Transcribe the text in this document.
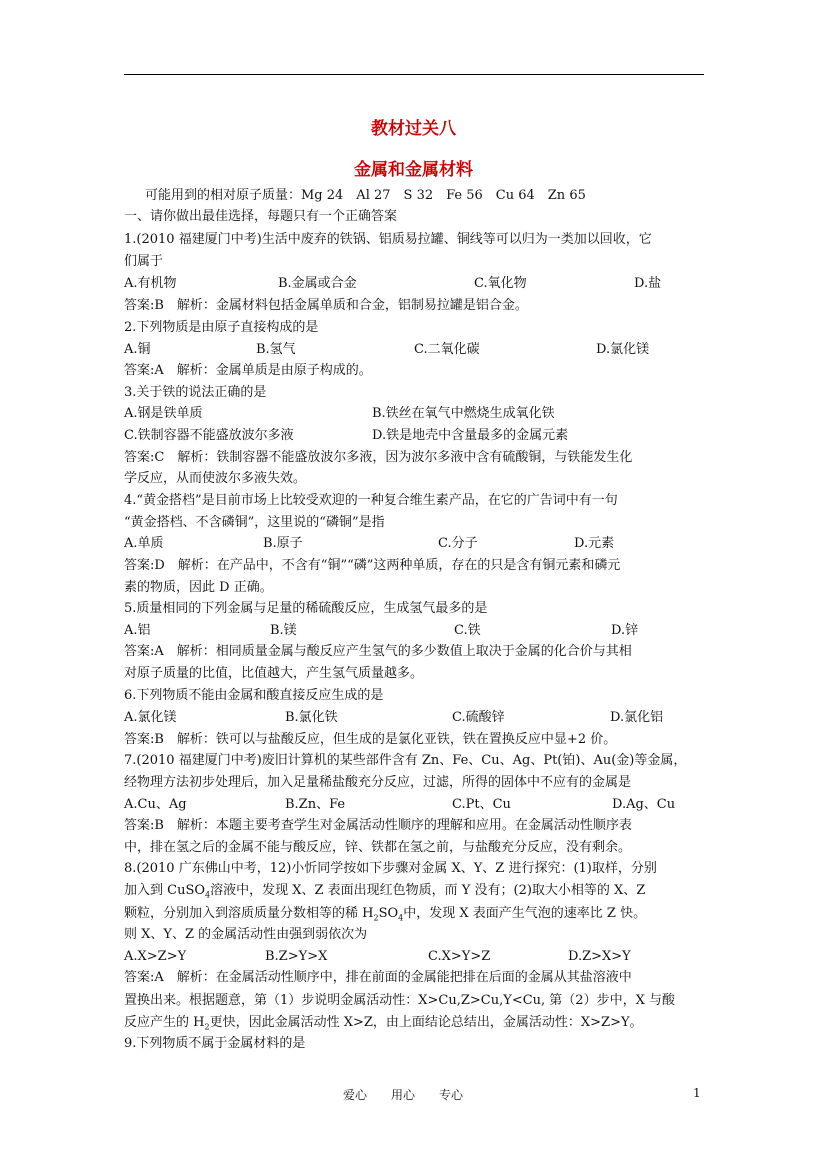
教材过关八
金属和金属材料
可能用到的相对原子质量：Mg 24　Al 27　S 32　Fe 56　Cu 64　Zn 65
一、请你做出最佳选择，每题只有一个正确答案
1.(2010 福建厦门中考)生活中废弃的铁锅、铝质易拉罐、铜线等可以归为一类加以回收，它
们属于
A.有机物	B.金属或合金	C.氧化物	D.盐
答案:B　解析：金属材料包括金属单质和合金，铝制易拉罐是铝合金。
2.下列物质是由原子直接构成的是
A.铜	B.氢气	C.二氧化碳	D.氯化镁
答案:A　解析：金属单质是由原子构成的。
3.关于铁的说法正确的是
A.钢是铁单质	B.铁丝在氧气中燃烧生成氧化铁
C.铁制容器不能盛放波尔多液	D.铁是地壳中含量最多的金属元素
答案:C　解析：铁制容器不能盛放波尔多液，因为波尔多液中含有硫酸铜，与铁能发生化
学反应，从而使波尔多液失效。
4.“黄金搭档”是目前市场上比较受欢迎的一种复合维生素产品，在它的广告词中有一句
“黄金搭档、不含磷铜”，这里说的“磷铜”是指
A.单质	B.原子	C.分子	D.元素
答案:D　解析：在产品中，不含有“铜”“磷”这两种单质，存在的只是含有铜元素和磷元
素的物质，因此 D 正确。
5.质量相同的下列金属与足量的稀硫酸反应，生成氢气最多的是
A.铝	B.镁	C.铁	D.锌
答案:A　解析：相同质量金属与酸反应产生氢气的多少数值上取决于金属的化合价与其相
对原子质量的比值，比值越大，产生氢气质量越多。
6.下列物质不能由金属和酸直接反应生成的是
A.氯化镁	B.氯化铁	C.硫酸锌	D.氯化铝
答案:B　解析：铁可以与盐酸反应，但生成的是氯化亚铁，铁在置换反应中显+2 价。
7.(2010 福建厦门中考)废旧计算机的某些部件含有 Zn、Fe、Cu、Ag、Pt(铂)、Au(金)等金属，
经物理方法初步处理后，加入足量稀盐酸充分反应，过滤，所得的固体中不应有的金属是
A.Cu、Ag	B.Zn、Fe	C.Pt、Cu	D.Ag、Cu
答案:B　解析：本题主要考查学生对金属活动性顺序的理解和应用。在金属活动性顺序表
中，排在氢之后的金属不能与酸反应，锌、铁都在氢之前，与盐酸充分反应，没有剩余。
8.(2010 广东佛山中考，12)小忻同学按如下步骤对金属 X、Y、Z 进行探究：(1)取样，分别
加入到 CuSO$_4$溶液中，发现 X、Z 表面出现红色物质，而 Y 没有；(2)取大小相等的 X、Z
颗粒，分别加入到溶质质量分数相等的稀 $H_2SO_4$中，发现 X 表面产生气泡的速率比 Z 快。
则 X、Y、Z 的金属活动性由强到弱依次为
A.X>Z>Y	B.Z>Y>X	C.X>Y>Z	D.Z>X>Y
答案:A　解析：在金属活动性顺序中，排在前面的金属能把排在后面的金属从其盐溶液中
置换出来。根据题意，第（1）步说明金属活动性：X>Cu,Z>Cu,Y<Cu, 第（2）步中，X 与酸
反应产生的 $H_2$更快，因此金属活动性 X>Z，由上面结论总结出，金属活动性：X>Z>Y。
9.下列物质不属于金属材料的是
爱心　　用心　　专心	1
